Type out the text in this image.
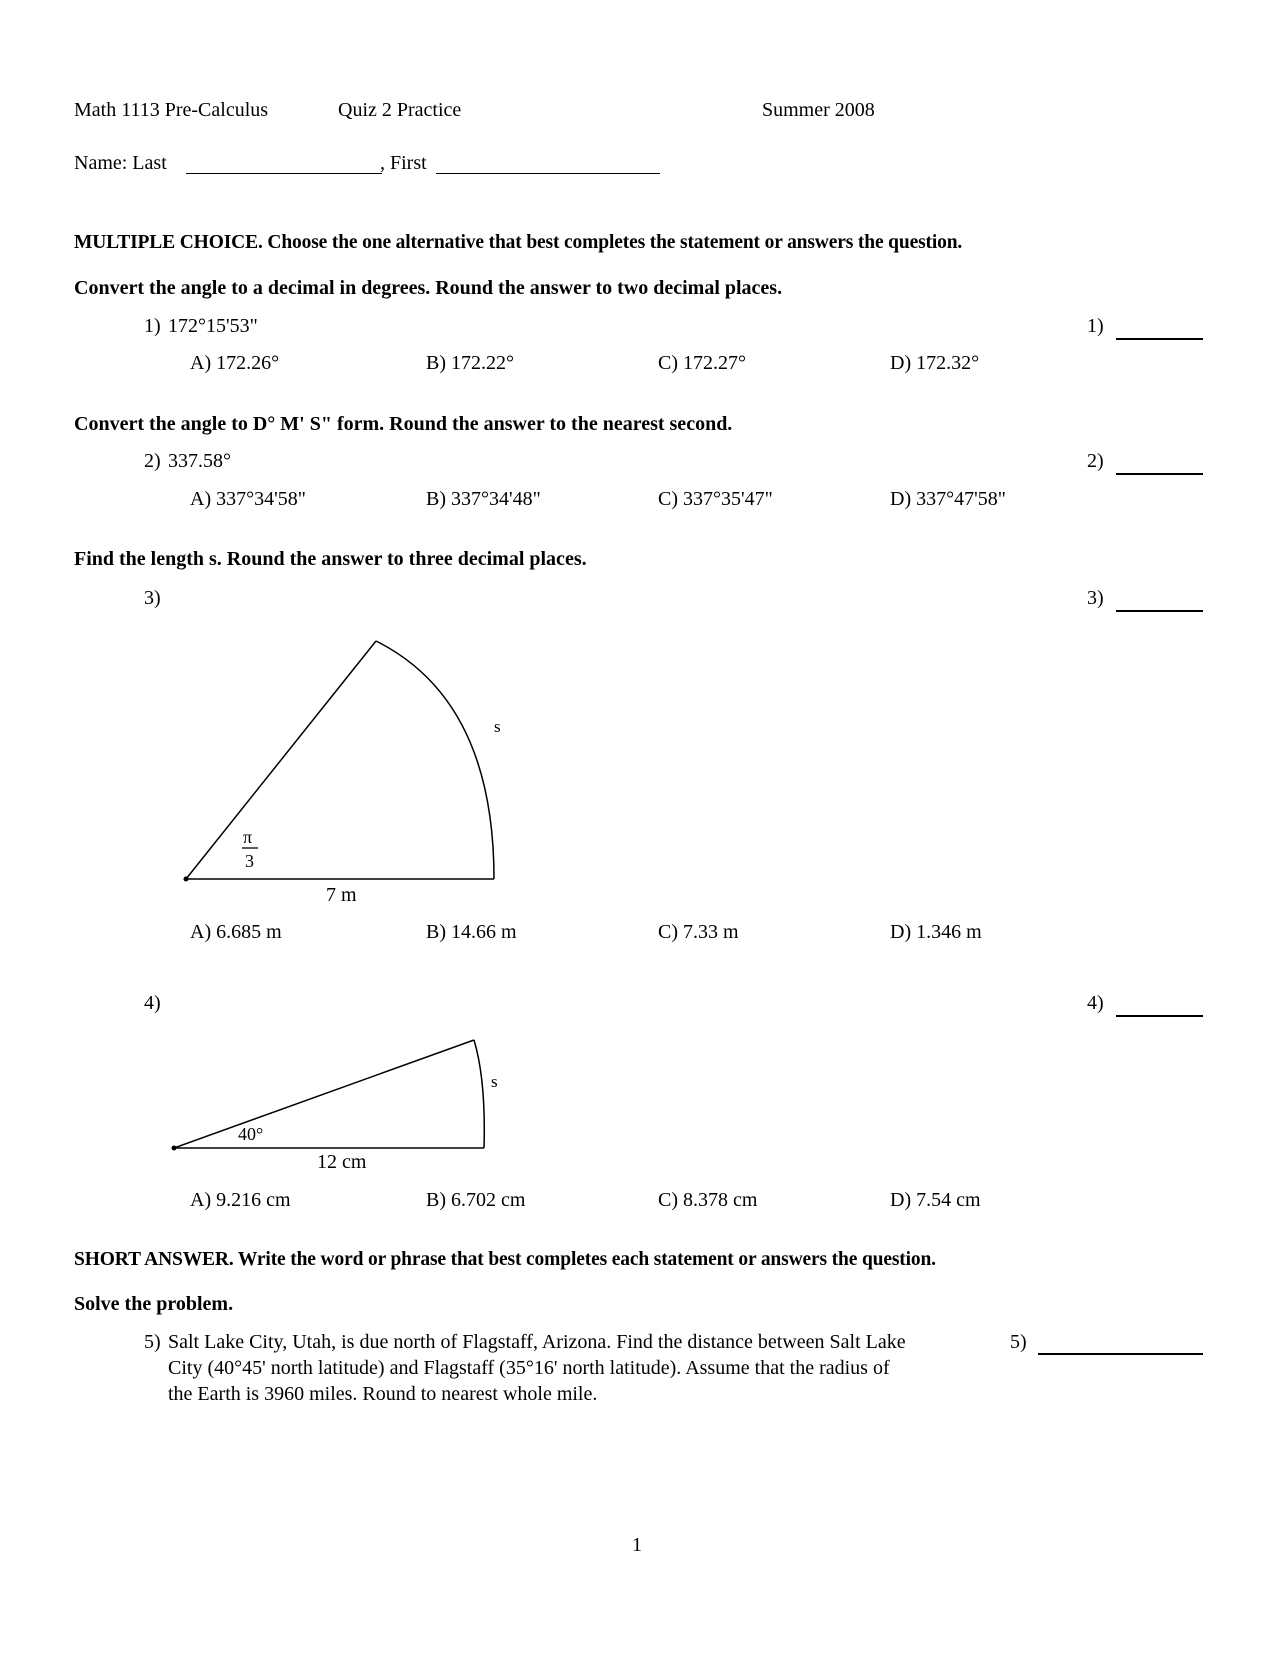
Math 1113 Pre-Calculus	Quiz 2 Practice	Summer 2008
Name: Last	, First
MULTIPLE CHOICE. Choose the one alternative that best completes the statement or answers the question.
Convert the angle to a decimal in degrees. Round the answer to two decimal places.
1) 172°15'53"	1)
A) 172.26°	B) 172.22°	C) 172.27°	D) 172.32°
Convert the angle to D° M' S" form. Round the answer to the nearest second.
2) 337.58°	2)
A) 337°34'58"	B) 337°34'48"	C) 337°35'47"	D) 337°47'58"
Find the length s. Round the answer to three decimal places.
3)	3)
s
π
3
7 m
s
40°
12 cm
A) 6.685 m	B) 14.66 m	C) 7.33 m	D) 1.346 m
4)	4)
A) 9.216 cm	B) 6.702 cm	C) 8.378 cm	D) 7.54 cm
SHORT ANSWER. Write the word or phrase that best completes each statement or answers the question.
Solve the problem.
5) Salt Lake City, Utah, is due north of Flagstaff, Arizona. Find the distance between Salt Lake
City (40°45' north latitude) and Flagstaff (35°16' north latitude). Assume that the radius of
the Earth is 3960 miles. Round to nearest whole mile.
5)
1
